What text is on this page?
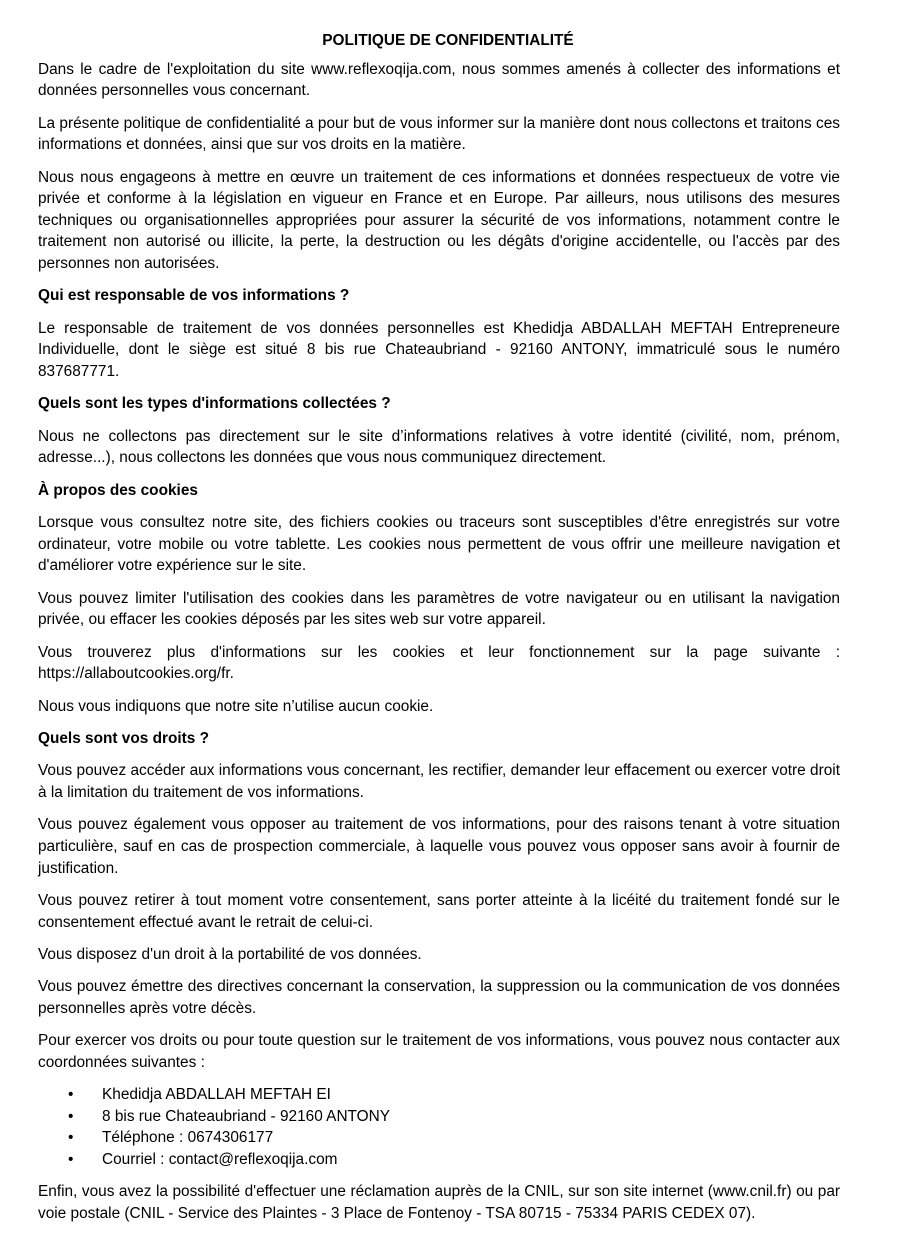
POLITIQUE DE CONFIDENTIALITÉ

Dans le cadre de l'exploitation du site www.reflexoqija.com, nous sommes amenés à collecter des informations et données personnelles vous concernant.

La présente politique de confidentialité a pour but de vous informer sur la manière dont nous collectons et traitons ces informations et données, ainsi que sur vos droits en la matière.

Nous nous engageons à mettre en œuvre un traitement de ces informations et données respectueux de votre vie privée et conforme à la législation en vigueur en France et en Europe. Par ailleurs, nous utilisons des mesures techniques ou organisationnelles appropriées pour assurer la sécurité de vos informations, notamment contre le traitement non autorisé ou illicite, la perte, la destruction ou les dégâts d'origine accidentelle, ou l'accès par des personnes non autorisées.

Qui est responsable de vos informations ?

Le responsable de traitement de vos données personnelles est Khedidja ABDALLAH MEFTAH Entrepreneure Individuelle, dont le siège est situé 8 bis rue Chateaubriand - 92160 ANTONY, immatriculé sous le numéro 837687771.

Quels sont les types d'informations collectées ?

Nous ne collectons pas directement sur le site d’informations relatives à votre identité (civilité, nom, prénom, adresse...), nous collectons les données que vous nous communiquez directement.

À propos des cookies

Lorsque vous consultez notre site, des fichiers cookies ou traceurs sont susceptibles d'être enregistrés sur votre ordinateur, votre mobile ou votre tablette. Les cookies nous permettent de vous offrir une meilleure navigation et d'améliorer votre expérience sur le site.

Vous pouvez limiter l'utilisation des cookies dans les paramètres de votre navigateur ou en utilisant la navigation privée, ou effacer les cookies déposés par les sites web sur votre appareil.

Vous trouverez plus d'informations sur les cookies et leur fonctionnement sur la page suivante : https://allaboutcookies.org/fr.

Nous vous indiquons que notre site n’utilise aucun cookie.

Quels sont vos droits ?

Vous pouvez accéder aux informations vous concernant, les rectifier, demander leur effacement ou exercer votre droit à la limitation du traitement de vos informations.

Vous pouvez également vous opposer au traitement de vos informations, pour des raisons tenant à votre situation particulière, sauf en cas de prospection commerciale, à laquelle vous pouvez vous opposer sans avoir à fournir de justification.

Vous pouvez retirer à tout moment votre consentement, sans porter atteinte à la licéité du traitement fondé sur le consentement effectué avant le retrait de celui-ci.

Vous disposez d'un droit à la portabilité de vos données.

Vous pouvez émettre des directives concernant la conservation, la suppression ou la communication de vos données personnelles après votre décès.

Pour exercer vos droits ou pour toute question sur le traitement de vos informations, vous pouvez nous contacter aux coordonnées suivantes :

• Khedidja ABDALLAH MEFTAH EI
• 8 bis rue Chateaubriand - 92160 ANTONY
• Téléphone : 0674306177
• Courriel : contact@reflexoqija.com

Enfin, vous avez la possibilité d'effectuer une réclamation auprès de la CNIL, sur son site internet (www.cnil.fr) ou par voie postale (CNIL - Service des Plaintes - 3 Place de Fontenoy - TSA 80715 - 75334 PARIS CEDEX 07).
